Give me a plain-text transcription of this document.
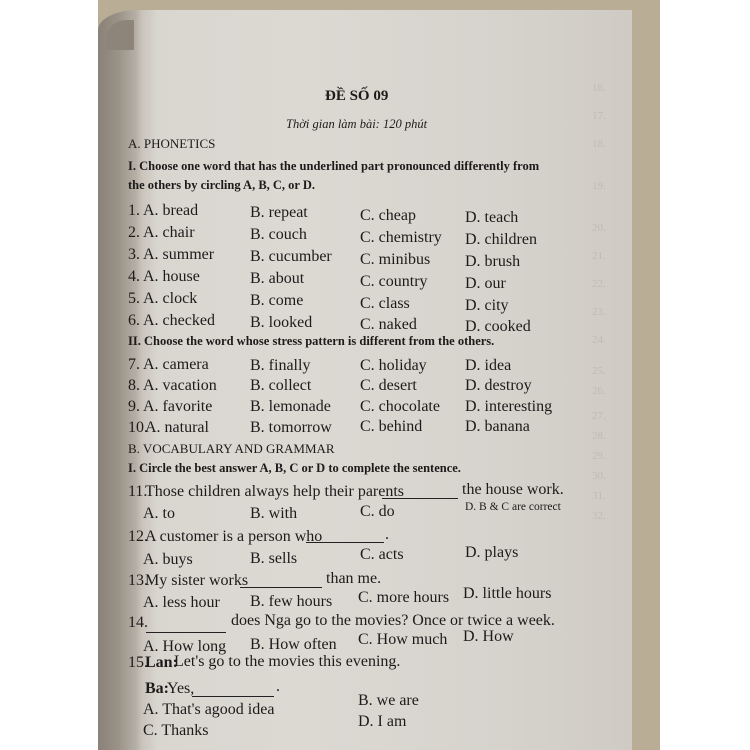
16.
17.
18.
19.
20.
21.
22.
23.
24.
25.
26.
27.
28.
29.
30.
31.
32.
ĐỀ SỐ 09
Thời gian làm bài: 120 phút
A. PHONETICS
I. Choose one word that has the underlined part pronounced differently from
the others by circling A, B, C, or D.
1. A. bread	B. repeat	C. cheap	D. teach
2. A. chair	B. couch	C. chemistry D. children
3. A. summer B. cucumber C. minibus D. brush
4. A. house	B. about	C. country D. our
5. A. clock	B. come	C. class	D. city
6. A. checked B. looked	C. naked	D. cooked
II. Choose the word whose stress pattern is different from the others.
7. A. camera	B. finally	C. holiday D. idea
8. A. vacation B. collect	C. desert	D. destroy
9. A. favorite B. lemonade C. chocolate D. interesting
10.
A. natural	B. tomorrow C. behind	D. banana
B. VOCABULARY AND GRAMMAR
I. Circle the best answer A, B, C or D to complete the sentence.
11.
Those children always help their parents	the house work.
A. to	B. with	C. do	D. B & C are correct
12.
A customer is a person who	.
A. buys	B. sells	C. acts	D. plays
13.
My sister works	than me.
A. less hour B. few hours C. more hours D. little hours
14.	does Nga go to the movies? Once or twice a week.
A. How long B. How often C. How much D. How
15.
Lan:
Let's go to the movies this evening.
Ba:
Yes,	.
A. That's agood idea
B. we are
C. Thanks
D. I am
